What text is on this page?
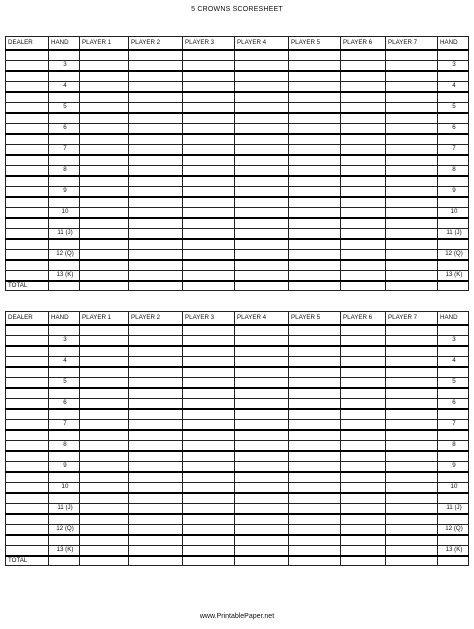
5 CROWNS SCORESHEET
DEALER	HAND	PLAYER 1	PLAYER 2	PLAYER 3	PLAYER 4	PLAYER 5	PLAYER 6	PLAYER 7	HAND

	3								3

	4								4

	5								5

	6								6

	7								7

	8								8

	9								9

	10								10

	11 (J)								11 (J)

	12 (Q)								12 (Q)

	13 (K)								13 (K)
TOTAL									
DEALER	HAND	PLAYER 1	PLAYER 2	PLAYER 3	PLAYER 4	PLAYER 5	PLAYER 6	PLAYER 7	HAND

	3								3

	4								4

	5								5

	6								6

	7								7

	8								8

	9								9

	10								10

	11 (J)								11 (J)

	12 (Q)								12 (Q)

	13 (K)								13 (K)
TOTAL									
www.PrintablePaper.net
